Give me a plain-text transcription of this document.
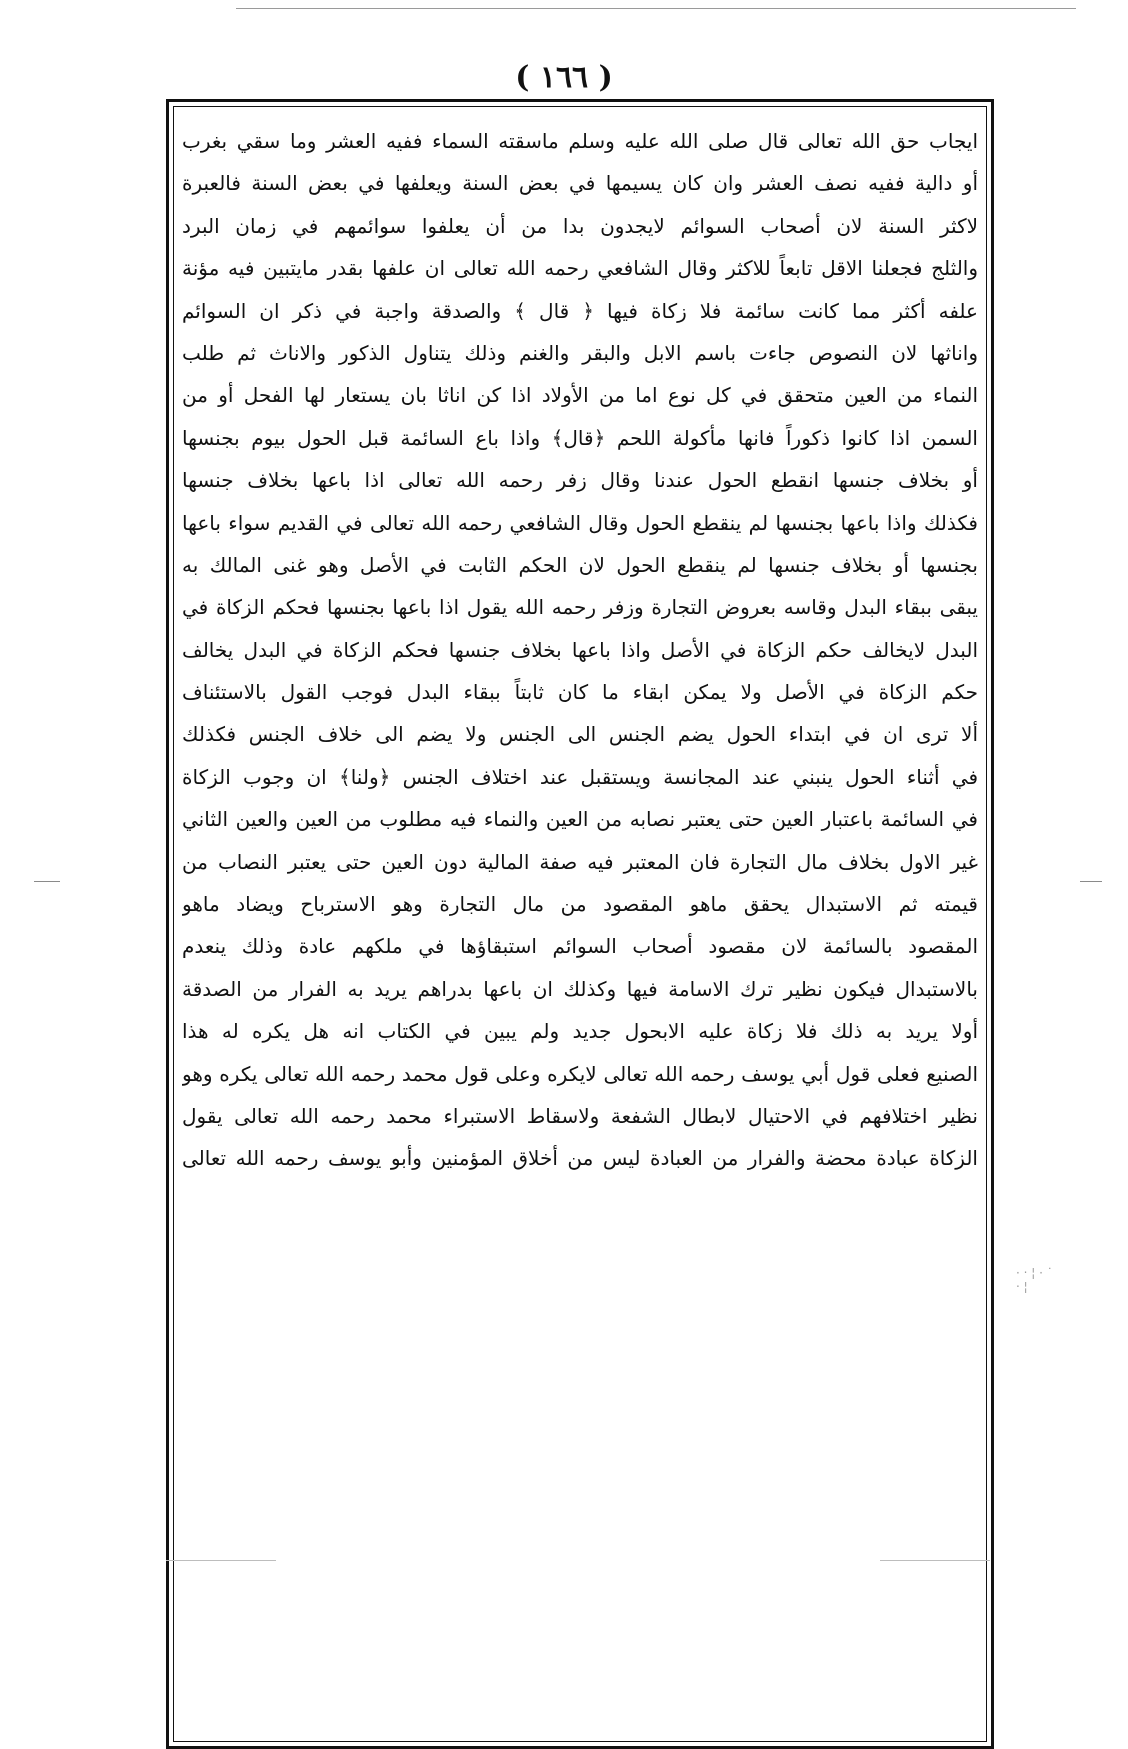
( ١٦٦ )
ايجاب حق الله تعالى قال صلى الله عليه وسلم ماسقته السماء ففيه العشر وما سقي بغرب
أو دالية ففيه نصف العشر وان كان يسيمها في بعض السنة ويعلفها في بعض السنة فالعبرة
لاكثر السنة لان أصحاب السوائم لايجدون بدا من أن يعلفوا سوائمهم في زمان البرد
والثلج فجعلنا الاقل تابعاً للاكثر وقال الشافعي رحمه الله تعالى ان علفها بقدر مايتبين فيه مؤنة
علفه أكثر مما كانت سائمة فلا زكاة فيها ﴿ قال ﴾ والصدقة واجبة في ذكر ان السوائم
واناثها لان النصوص جاءت باسم الابل والبقر والغنم وذلك يتناول الذكور والاناث ثم طلب
النماء من العين متحقق في كل نوع اما من الأولاد اذا كن اناثا بان يستعار لها الفحل أو من
السمن اذا كانوا ذكوراً فانها مأكولة اللحم ﴿قال﴾ واذا باع السائمة قبل الحول بيوم بجنسها
أو بخلاف جنسها انقطع الحول عندنا وقال زفر رحمه الله تعالى اذا باعها بخلاف جنسها
فكذلك واذا باعها بجنسها لم ينقطع الحول وقال الشافعي رحمه الله تعالى في القديم سواء باعها
بجنسها أو بخلاف جنسها لم ينقطع الحول لان الحكم الثابت في الأصل وهو غنى المالك به
يبقى ببقاء البدل وقاسه بعروض التجارة وزفر رحمه الله يقول اذا باعها بجنسها فحكم الزكاة في
البدل لايخالف حكم الزكاة في الأصل واذا باعها بخلاف جنسها فحكم الزكاة في البدل يخالف
حكم الزكاة في الأصل ولا يمكن ابقاء ما كان ثابتاً ببقاء البدل فوجب القول بالاستئناف
ألا ترى ان في ابتداء الحول يضم الجنس الى الجنس ولا يضم الى خلاف الجنس فكذلك
في أثناء الحول ينبني عند المجانسة ويستقبل عند اختلاف الجنس ﴿ولنا﴾ ان وجوب الزكاة
في السائمة باعتبار العين حتى يعتبر نصابه من العين والنماء فيه مطلوب من العين والعين الثاني
غير الاول بخلاف مال التجارة فان المعتبر فيه صفة المالية دون العين حتى يعتبر النصاب من
قيمته ثم الاستبدال يحقق ماهو المقصود من مال التجارة وهو الاسترباح ويضاد ماهو
المقصود بالسائمة لان مقصود أصحاب السوائم استبقاؤها في ملكهم عادة وذلك ينعدم
بالاستبدال فيكون نظير ترك الاسامة فيها وكذلك ان باعها بدراهم يريد به الفرار من الصدقة
أولا يريد به ذلك فلا زكاة عليه الابحول جديد ولم يبين في الكتاب انه هل يكره له هذا
الصنيع فعلى قول أبي يوسف رحمه الله تعالى لايكره وعلى قول محمد رحمه الله تعالى يكره وهو
نظير اختلافهم في الاحتيال لابطال الشفعة ولاسقاط الاستبراء محمد رحمه الله تعالى يقول
الزكاة عبادة محضة والفرار من العبادة ليس من أخلاق المؤمنين وأبو يوسف رحمه الله تعالى
· ‧ ¦ · ˙ ‧ ¦
